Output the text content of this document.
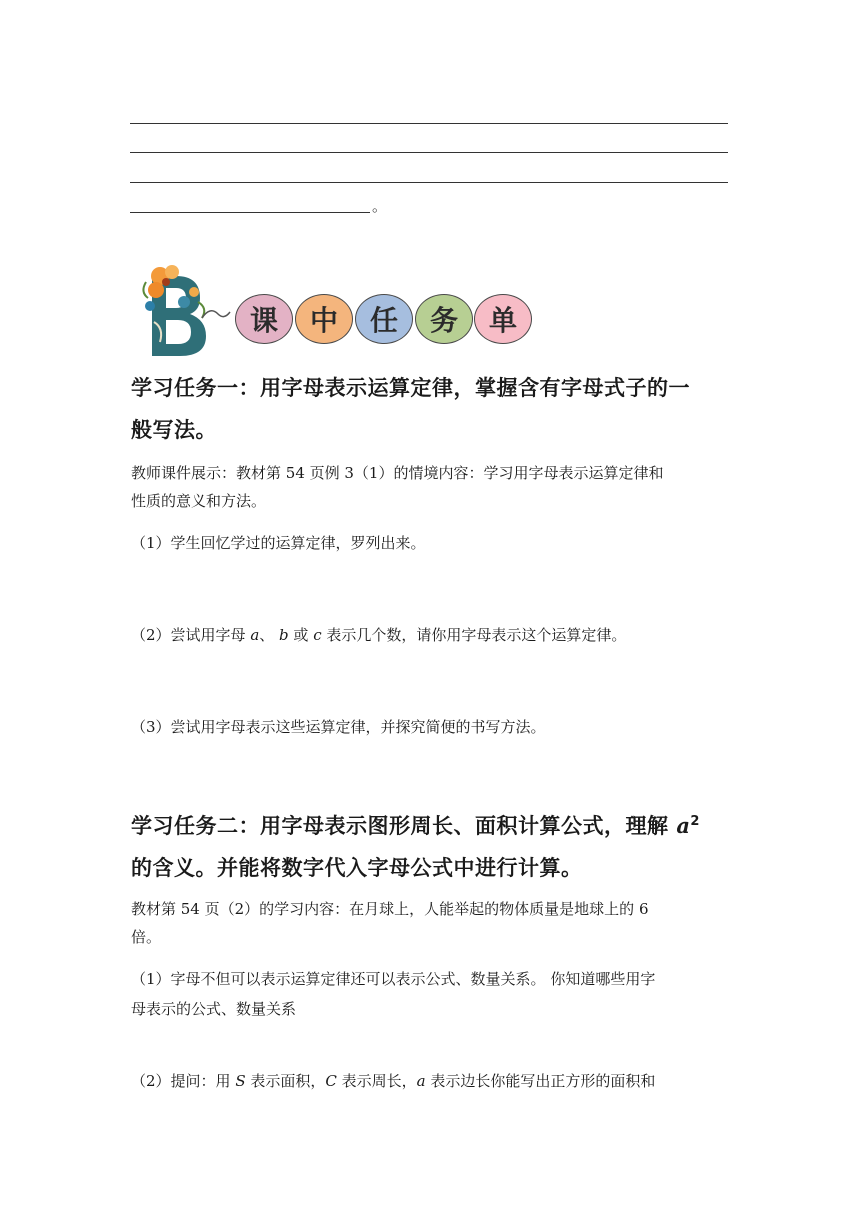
。
课	中	任	务	单
学习任务一：用字母表示运算定律，掌握含有字母式子的一
般写法。
教师课件展示：教材第 54 页例 3（1）的情境内容：学习用字母表示运算定律和
性质的意义和方法。
（1）学生回忆学过的运算定律，罗列出来。
（2）尝试用字母 a、 b 或 c 表示几个数，请你用字母表示这个运算定律。
（3）尝试用字母表示这些运算定律，并探究简便的书写方法。
学习任务二：用字母表示图形周长、面积计算公式，理解 $a^2$
的含义。并能将数字代入字母公式中进行计算。
教材第 54 页（2）的学习内容：在月球上，人能举起的物体质量是地球上的 6
倍。
（1）字母不但可以表示运算定律还可以表示公式、数量关系。 你知道哪些用字
母表示的公式、数量关系
（2）提问：用 S 表示面积，C 表示周长，a 表示边长你能写出正方形的面积和
